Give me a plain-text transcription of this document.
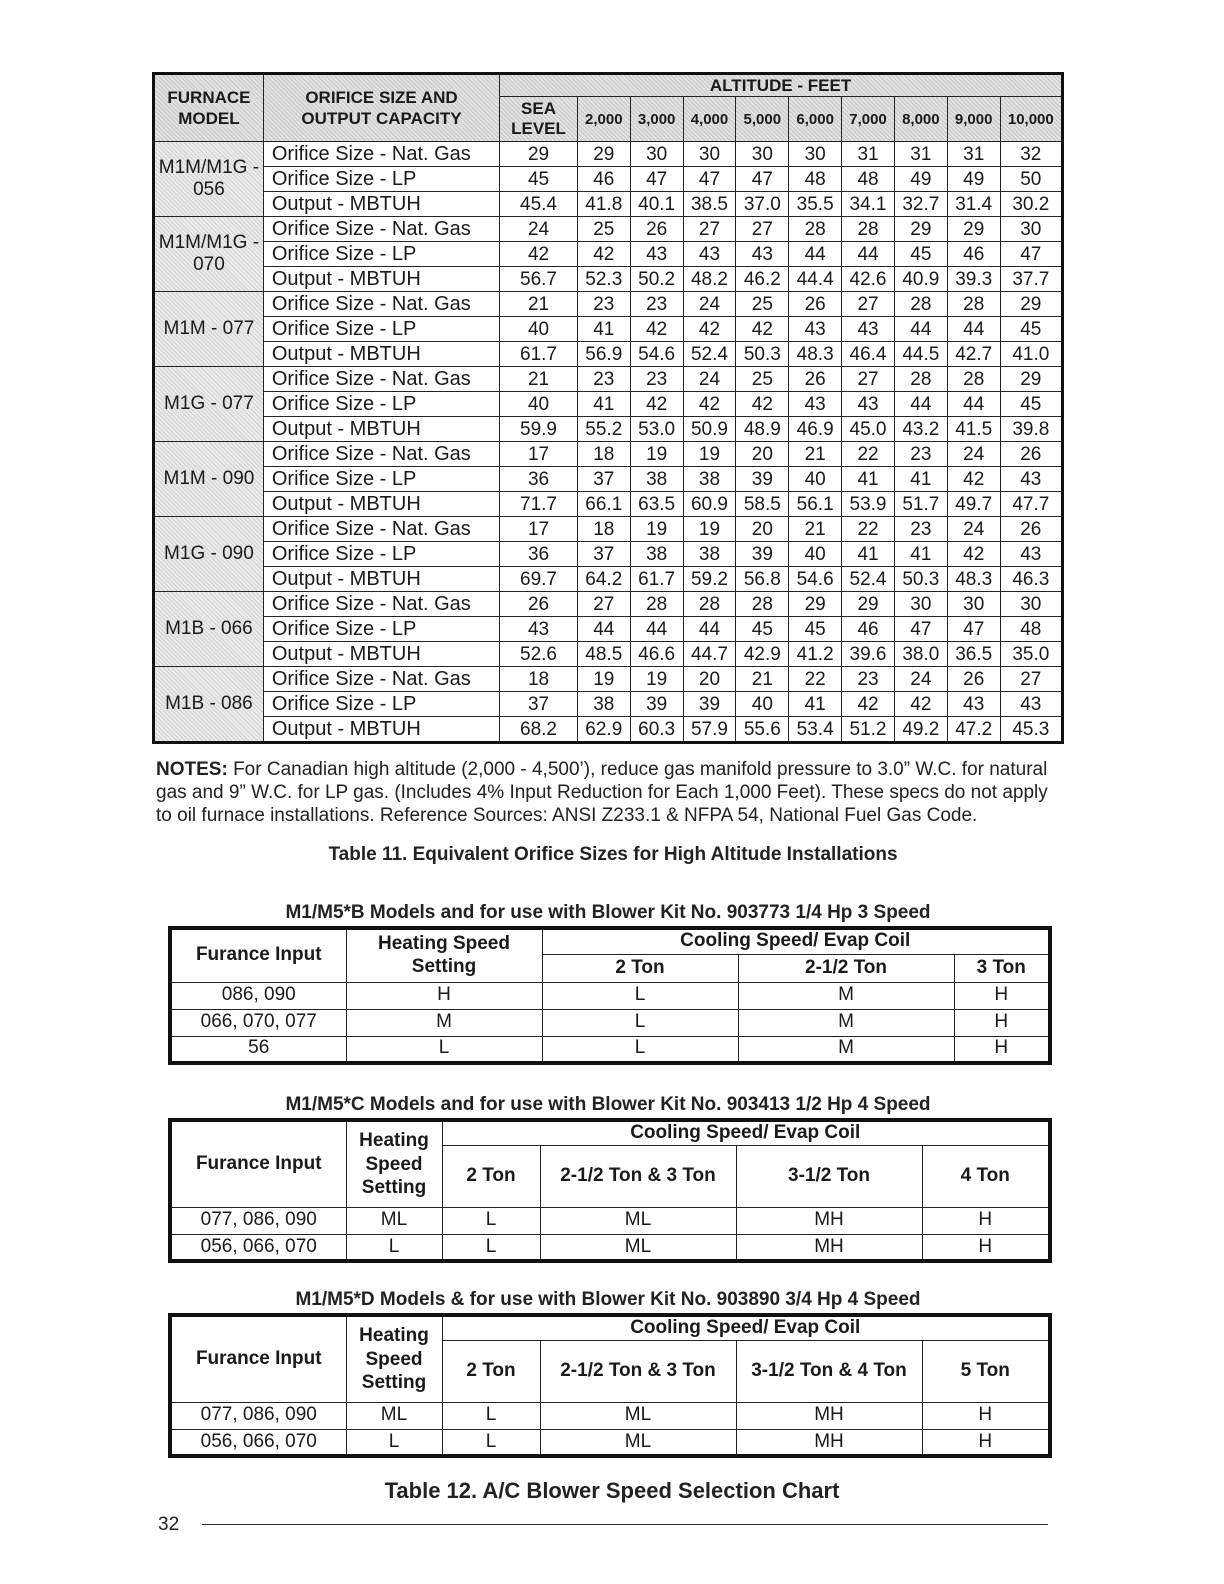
FURNACE MODEL	ORIFICE SIZE AND OUTPUT CAPACITY	ALTITUDE - FEET									
		SEA LEVEL	2,000	3,000	4,000	5,000	6,000	7,000	8,000	9,000	10,000
M1M/M1G - 056	Orifice Size - Nat. Gas	29	29	30	30	30	30	31	31	31	32
	Orifice Size - LP	45	46	47	47	47	48	48	49	49	50
	Output - MBTUH	45.4	41.8	40.1	38.5	37.0	35.5	34.1	32.7	31.4	30.2
M1M/M1G - 070	Orifice Size - Nat. Gas	24	25	26	27	27	28	28	29	29	30
	Orifice Size - LP	42	42	43	43	43	44	44	45	46	47
	Output - MBTUH	56.7	52.3	50.2	48.2	46.2	44.4	42.6	40.9	39.3	37.7
M1M - 077	Orifice Size - Nat. Gas	21	23	23	24	25	26	27	28	28	29
	Orifice Size - LP	40	41	42	42	42	43	43	44	44	45
	Output - MBTUH	61.7	56.9	54.6	52.4	50.3	48.3	46.4	44.5	42.7	41.0
M1G - 077	Orifice Size - Nat. Gas	21	23	23	24	25	26	27	28	28	29
	Orifice Size - LP	40	41	42	42	42	43	43	44	44	45
	Output - MBTUH	59.9	55.2	53.0	50.9	48.9	46.9	45.0	43.2	41.5	39.8
M1M - 090	Orifice Size - Nat. Gas	17	18	19	19	20	21	22	23	24	26
	Orifice Size - LP	36	37	38	38	39	40	41	41	42	43
	Output - MBTUH	71.7	66.1	63.5	60.9	58.5	56.1	53.9	51.7	49.7	47.7
M1G - 090	Orifice Size - Nat. Gas	17	18	19	19	20	21	22	23	24	26
	Orifice Size - LP	36	37	38	38	39	40	41	41	42	43
	Output - MBTUH	69.7	64.2	61.7	59.2	56.8	54.6	52.4	50.3	48.3	46.3
M1B - 066	Orifice Size - Nat. Gas	26	27	28	28	28	29	29	30	30	30
	Orifice Size - LP	43	44	44	44	45	45	46	47	47	48
	Output - MBTUH	52.6	48.5	46.6	44.7	42.9	41.2	39.6	38.0	36.5	35.0
M1B - 086	Orifice Size - Nat. Gas	18	19	19	20	21	22	23	24	26	27
	Orifice Size - LP	37	38	39	39	40	41	42	42	43	43
	Output - MBTUH	68.2	62.9	60.3	57.9	55.6	53.4	51.2	49.2	47.2	45.3
NOTES: For Canadian high altitude (2,000 - 4,500’), reduce gas manifold pressure to 3.0” W.C. for natural gas and 9” W.C. for LP gas. (Includes 4% Input Reduction for Each 1,000 Feet). These specs do not apply to oil furnace installations. Reference Sources: ANSI Z233.1 & NFPA 54, National Fuel Gas Code.
Table 11. Equivalent Orifice Sizes for High Altitude Installations
M1/M5*B Models and for use with Blower Kit No. 903773 1/4 Hp 3 Speed
Furance Input	Heating Speed Setting	Cooling Speed/ Evap Coil		
		2 Ton	2-1/2 Ton	3 Ton
086, 090	H	L	M	H
066, 070, 077	M	L	M	H
56	L	L	M	H
M1/M5*C Models and for use with Blower Kit No. 903413 1/2 Hp 4 Speed
Furance Input	Heating Speed Setting	Cooling Speed/ Evap Coil			
		2 Ton	2-1/2 Ton & 3 Ton	3-1/2 Ton	4 Ton
077, 086, 090	ML	L	ML	MH	H
056, 066, 070	L	L	ML	MH	H
M1/M5*D Models & for use with Blower Kit No. 903890 3/4 Hp 4 Speed
Furance Input	Heating Speed Setting	Cooling Speed/ Evap Coil			
		2 Ton	2-1/2 Ton & 3 Ton	3-1/2 Ton & 4 Ton	5 Ton
077, 086, 090	ML	L	ML	MH	H
056, 066, 070	L	L	ML	MH	H
Table 12. A/C Blower Speed Selection Chart
32
